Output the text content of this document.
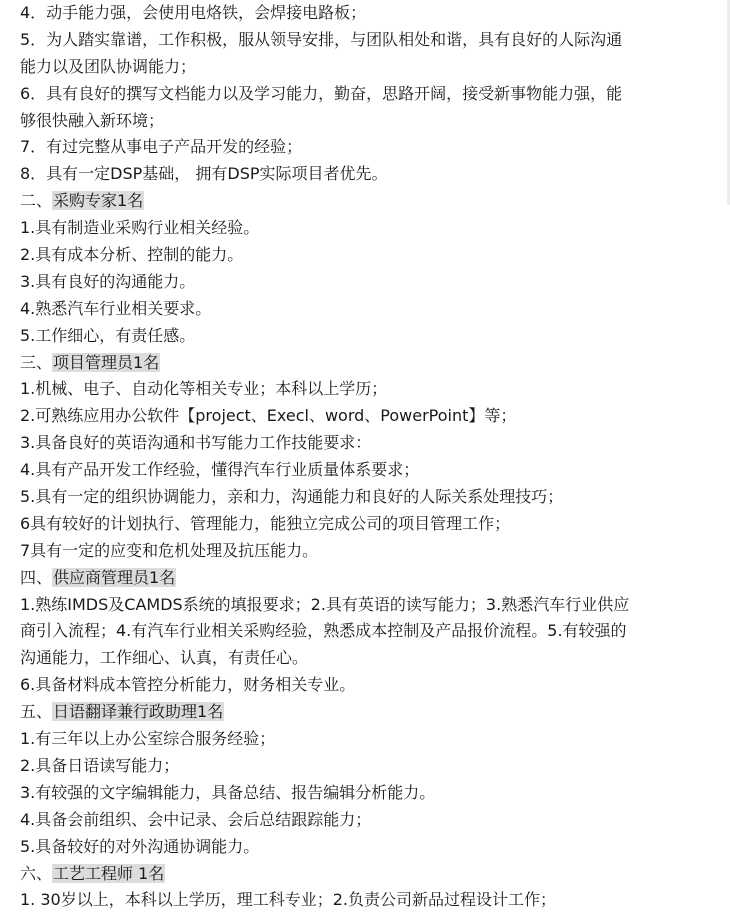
4．动手能力强，会使用电烙铁，会焊接电路板；
5．为人踏实靠谱，工作积极，服从领导安排，与团队相处和谐，具有良好的人际沟通
能力以及团队协调能力；
6．具有良好的撰写文档能力以及学习能力，勤奋，思路开阔，接受新事物能力强，能
够很快融入新环境；
7．有过完整从事电子产品开发的经验；
8．具有一定DSP基础， 拥有DSP实际项目者优先。
二、采购专家1名
1.具有制造业采购行业相关经验。
2.具有成本分析、控制的能力。
3.具有良好的沟通能力。
4.熟悉汽车行业相关要求。
5.工作细心，有责任感。
三、项目管理员1名
1.机械、电子、自动化等相关专业；本科以上学历；
2.可熟练应用办公软件【project、Execl、word、PowerPoint】等；
3.具备良好的英语沟通和书写能力工作技能要求：
4.具有产品开发工作经验，懂得汽车行业质量体系要求；
5.具有一定的组织协调能力，亲和力，沟通能力和良好的人际关系处理技巧；
6具有较好的计划执行、管理能力，能独立完成公司的项目管理工作；
7具有一定的应变和危机处理及抗压能力。
四、供应商管理员1名
1.熟练IMDS及CAMDS系统的填报要求；2.具有英语的读写能力；3.熟悉汽车行业供应
商引入流程；4.有汽车行业相关采购经验，熟悉成本控制及产品报价流程。5.有较强的
沟通能力，工作细心、认真，有责任心。
6.具备材料成本管控分析能力，财务相关专业。
五、日语翻译兼行政助理1名
1.有三年以上办公室综合服务经验；
2.具备日语读写能力；
3.有较强的文字编辑能力，具备总结、报告编辑分析能力。
4.具备会前组织、会中记录、会后总结跟踪能力；
5.具备较好的对外沟通协调能力。
六、工艺工程师 1名
1. 30岁以上，本科以上学历，理工科专业；2.负责公司新品过程设计工作；
